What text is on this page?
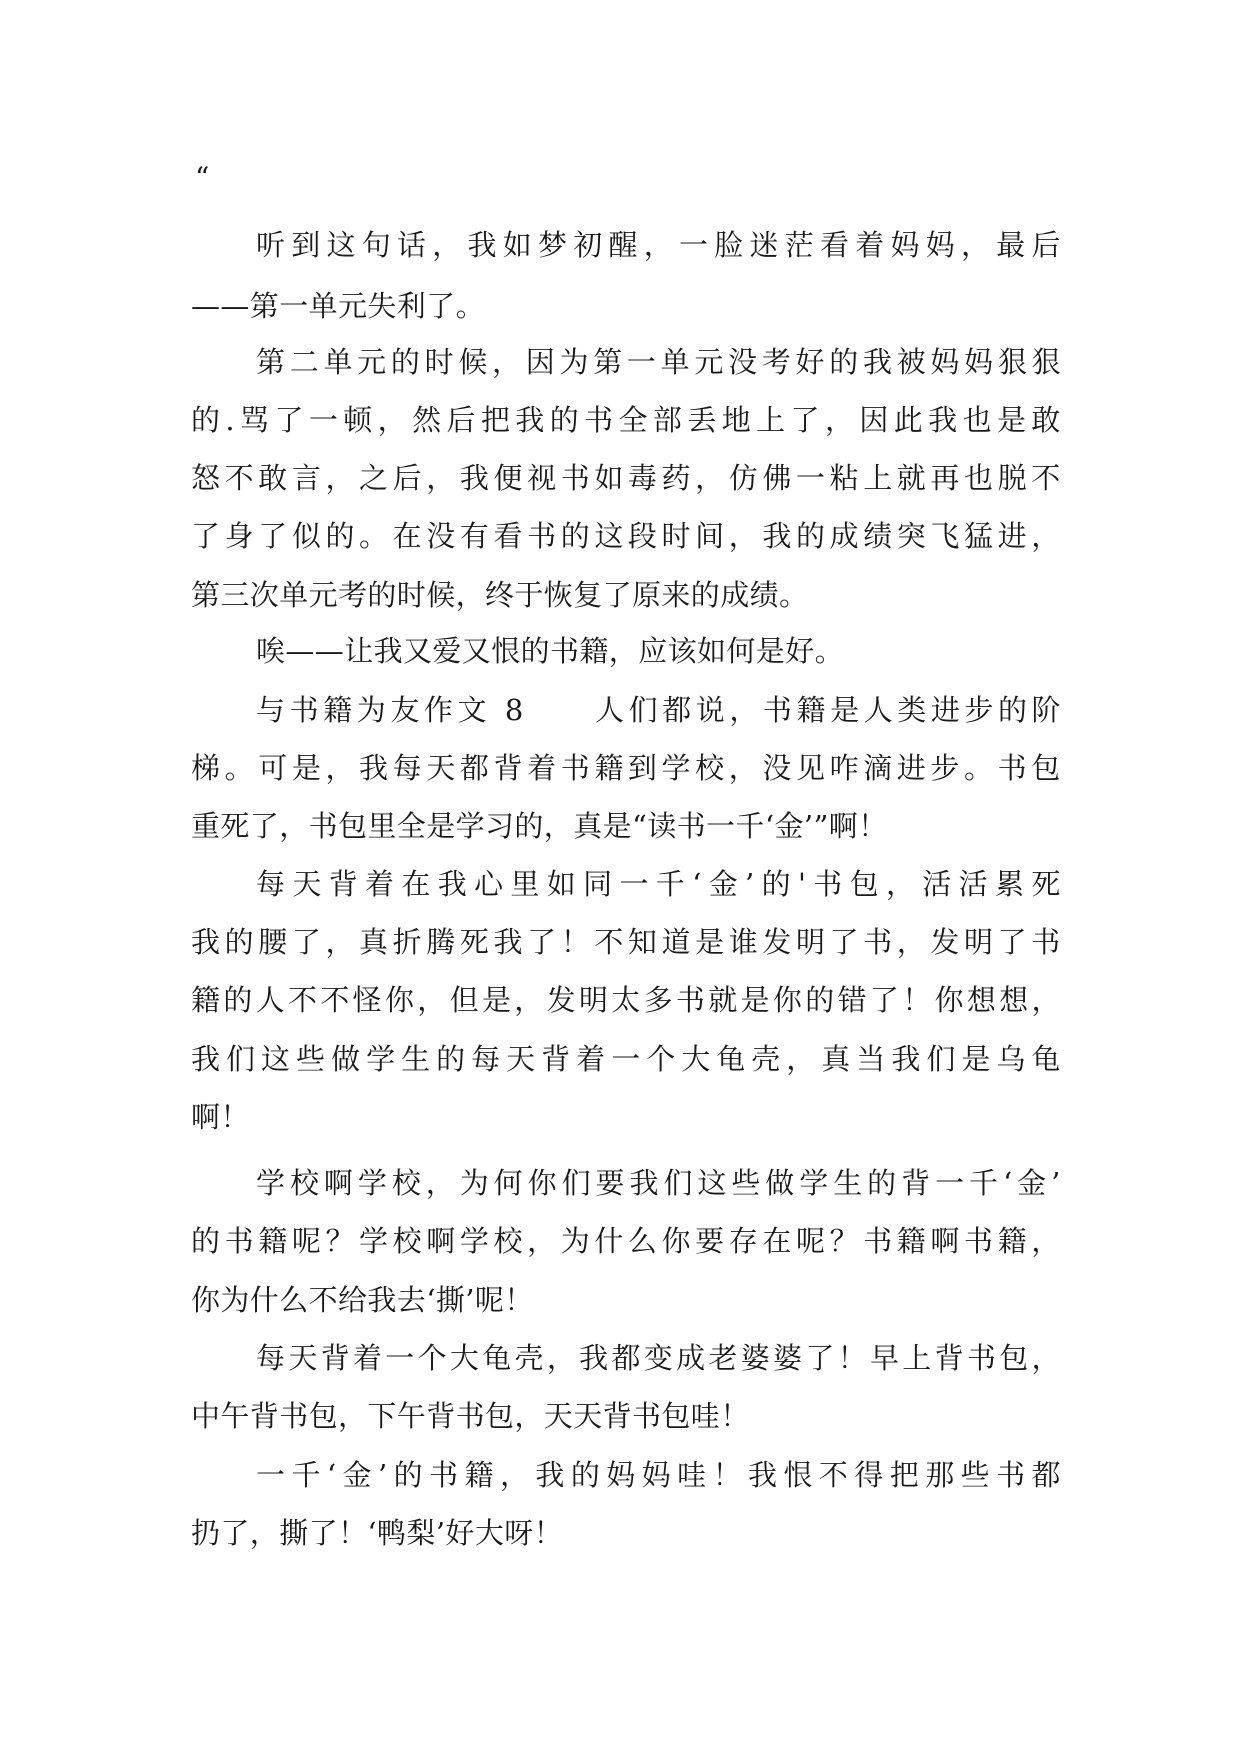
“
听 到 这 句 话 ， 我 如 梦 初 醒 ， 一 脸 迷 茫 看 着 妈 妈 ， 最 后
——第一单元失利了。
第 二 单 元 的 时 候 ， 因 为 第 一 单 元 没 考 好 的 我 被 妈 妈 狠 狠
的 . 骂 了 一 顿 ， 然 后 把 我 的 书 全 部 丢 地 上 了 ， 因 此 我 也 是 敢
怒 不 敢 言 ， 之 后 ， 我 便 视 书 如 毒 药 ， 仿 佛 一 粘 上 就 再 也 脱 不
了 身 了 似 的 。 在 没 有 看 书 的 这 段 时 间 ， 我 的 成 绩 突 飞 猛 进 ，
第三次单元考的时候，终于恢复了原来的成绩。
唉——让我又爱又恨的书籍，应该如何是好。
与 书 籍 为 友 作 文
8

　 人 们 都 说 ， 书 籍 是 人 类 进 步 的 阶
梯 。 可 是 ， 我 每 天 都 背 着 书 籍 到 学 校 ， 没 见 咋 滴 进 步 。 书 包
重死了，书包里全是学习的，真是“读书一千‘金’”啊！
每 天 背 着 在 我 心 里 如 同 一 千 ‘ 金 ’ 的 ' 书 包 ， 活 活 累 死
我 的 腰 了 ， 真 折 腾 死 我 了 ！ 不 知 道 是 谁 发 明 了 书 ， 发 明 了 书
籍 的 人 不 不 怪 你 ， 但 是 ， 发 明 太 多 书 就 是 你 的 错 了 ！ 你 想 想 ，
我 们 这 些 做 学 生 的 每 天 背 着 一 个 大 龟 壳 ， 真 当 我 们 是 乌 龟
啊！
学 校 啊 学 校 ， 为 何 你 们 要 我 们 这 些 做 学 生 的 背 一 千 ‘ 金 ’
的 书 籍 呢 ？ 学 校 啊 学 校 ， 为 什 么 你 要 存 在 呢 ？ 书 籍 啊 书 籍 ，
你为什么不给我去‘撕’呢！
每 天 背 着 一 个 大 龟 壳 ， 我 都 变 成 老 婆 婆 了 ！ 早 上 背 书 包 ，
中午背书包，下午背书包，天天背书包哇！
一 千 ‘ 金 ’ 的 书 籍 ， 我 的 妈 妈 哇 ！ 我 恨 不 得 把 那 些 书 都
扔了，撕了！‘鸭梨’好大呀！
